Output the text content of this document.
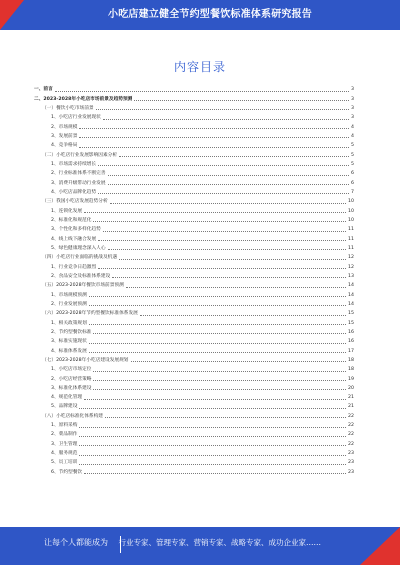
小吃店建立健全节约型餐饮标准体系研究报告
内容目录
一、前言	3
二、2023-2028年小吃店市场前景及趋势预测	3
（一）餐饮小吃市场前景	3
1、小吃店行业发展现状	3
2、市场规模	4
3、发展前景	4
4、竞争格局	5
（二）小吃店行业发展影响因素分析	5
1、市场需求持续增长	5
2、行业标准体系不断完善	6
3、消费升级带动行业发展	6
4、小吃店品牌化趋势	7
（三）我国小吃店发展趋势分析	10
1、连锁化发展	10
2、标准化和规范化	10
3、个性化和多样化趋势	11
4、线上线下融合发展	11
5、绿色健康理念深入人心	11
（四）小吃店行业面临的挑战及机遇	12
1、行业竞争日趋激烈	12
2、食品安全及标准体系建设	13
（五）2023-2028年餐饮市场前景预测	14
1、市场规模预测	14
2、行业发展预测	14
（六）2023-2028年节约型餐饮标准体系发展	15
1、相关政策规划	15
2、节约型餐饮标准	16
3、标准实施现状	16
4、标准体系发展	17
（七）2023-2028年小吃店建设发展规划	18
1、小吃店市场定位	18
2、小吃店经营策略	19
3、标准化体系建设	20
4、规范化管理	21
5、品牌建设	21
（八）小吃店标准化体系构建	22
1、原料采购	22
2、菜品制作	22
3、卫生管理	22
4、服务规范	23
5、员工培训	23
6、节约型餐饮	23
让每个人都能成为 行业专家、管理专家、营销专家、战略专家、成功企业家……
